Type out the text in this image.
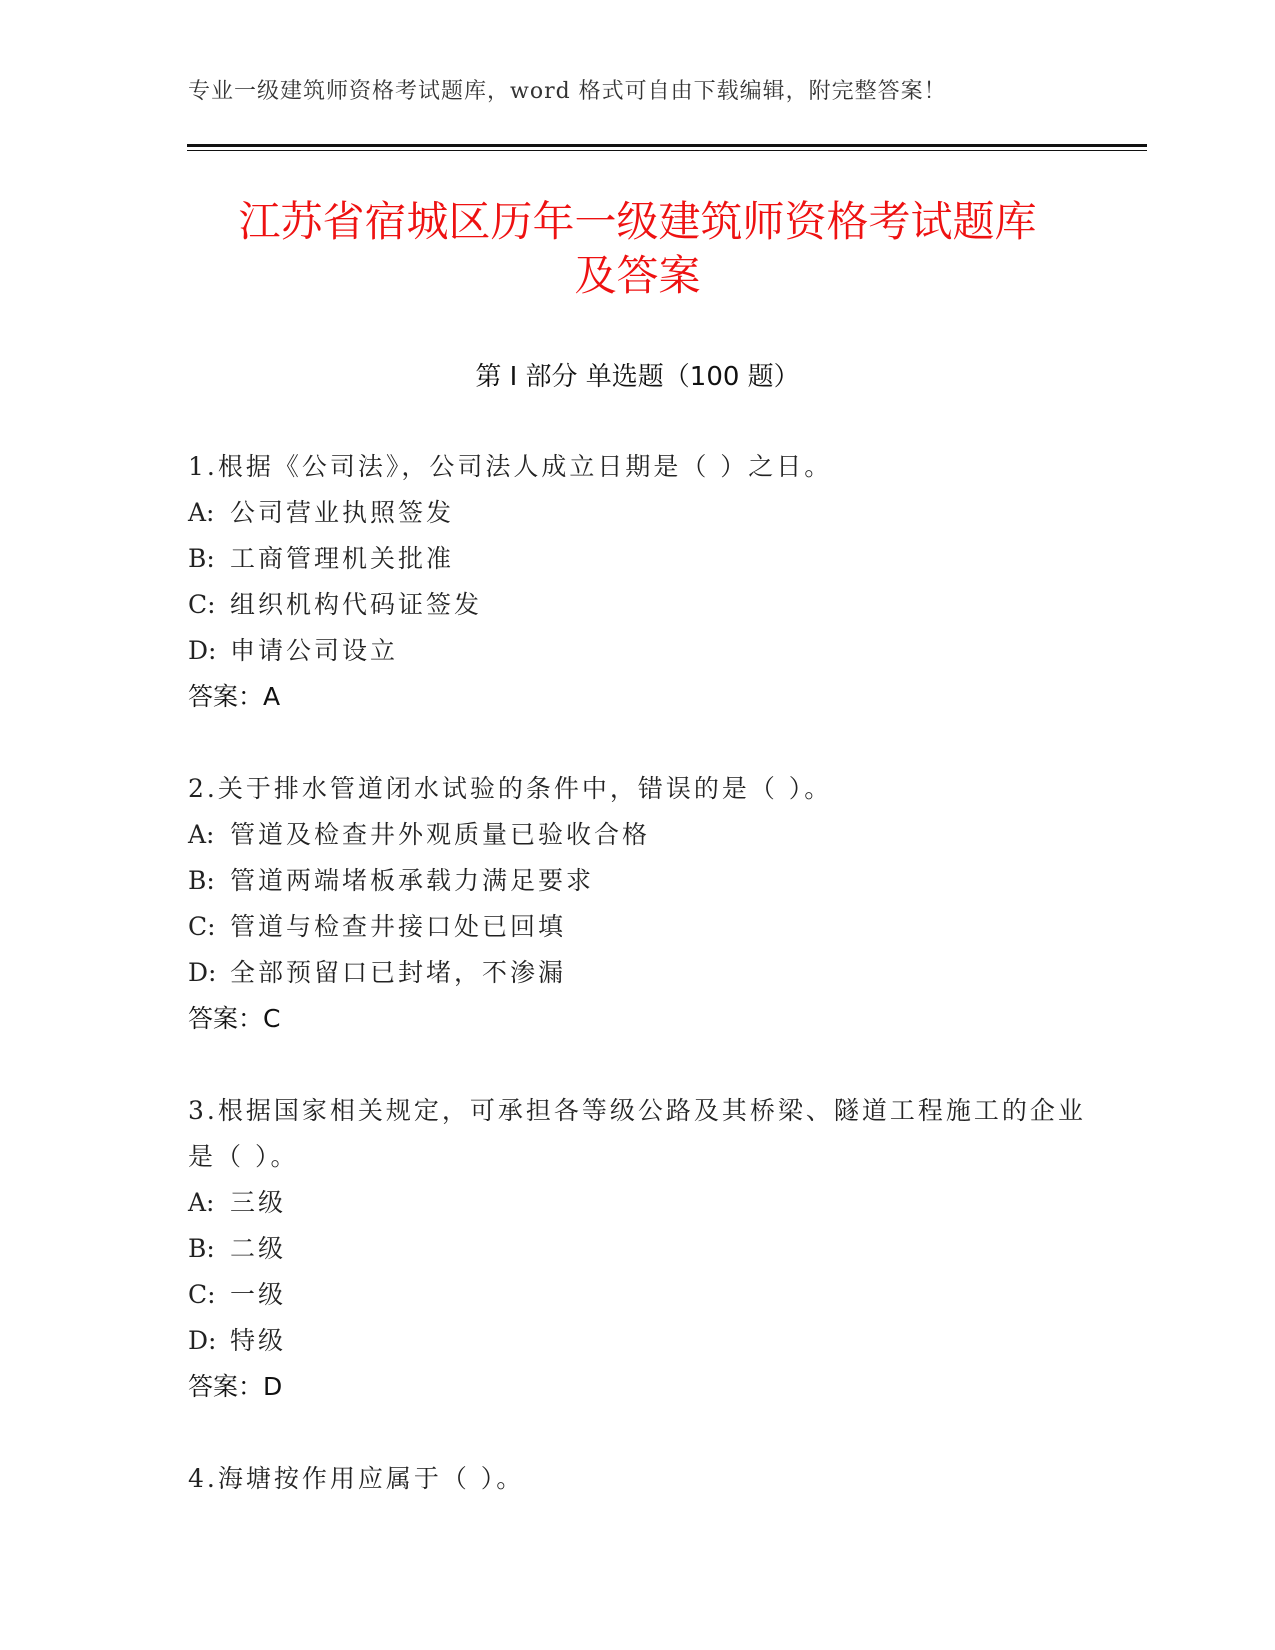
专业一级建筑师资格考试题库，word 格式可自由下载编辑，附完整答案！
江苏省宿城区历年一级建筑师资格考试题库
及答案
第 I 部分 单选题（100 题）

1.根据《公司法》，公司法人成立日期是（ ）之日。

A: 公司营业执照签发
B: 工商管理机关批准
C: 组织机构代码证签发
D: 申请公司设立
答案：A

2.关于排水管道闭水试验的条件中，错误的是（ ）。

A: 管道及检查井外观质量已验收合格
B: 管道两端堵板承载力满足要求
C: 管道与检查井接口处已回填
D: 全部预留口已封堵，不渗漏
答案：C

3.根据国家相关规定，可承担各等级公路及其桥梁、隧道工程施工的企业是（ ）。

A: 三级
B: 二级
C: 一级
D: 特级
答案：D

4.海塘按作用应属于（ ）。
